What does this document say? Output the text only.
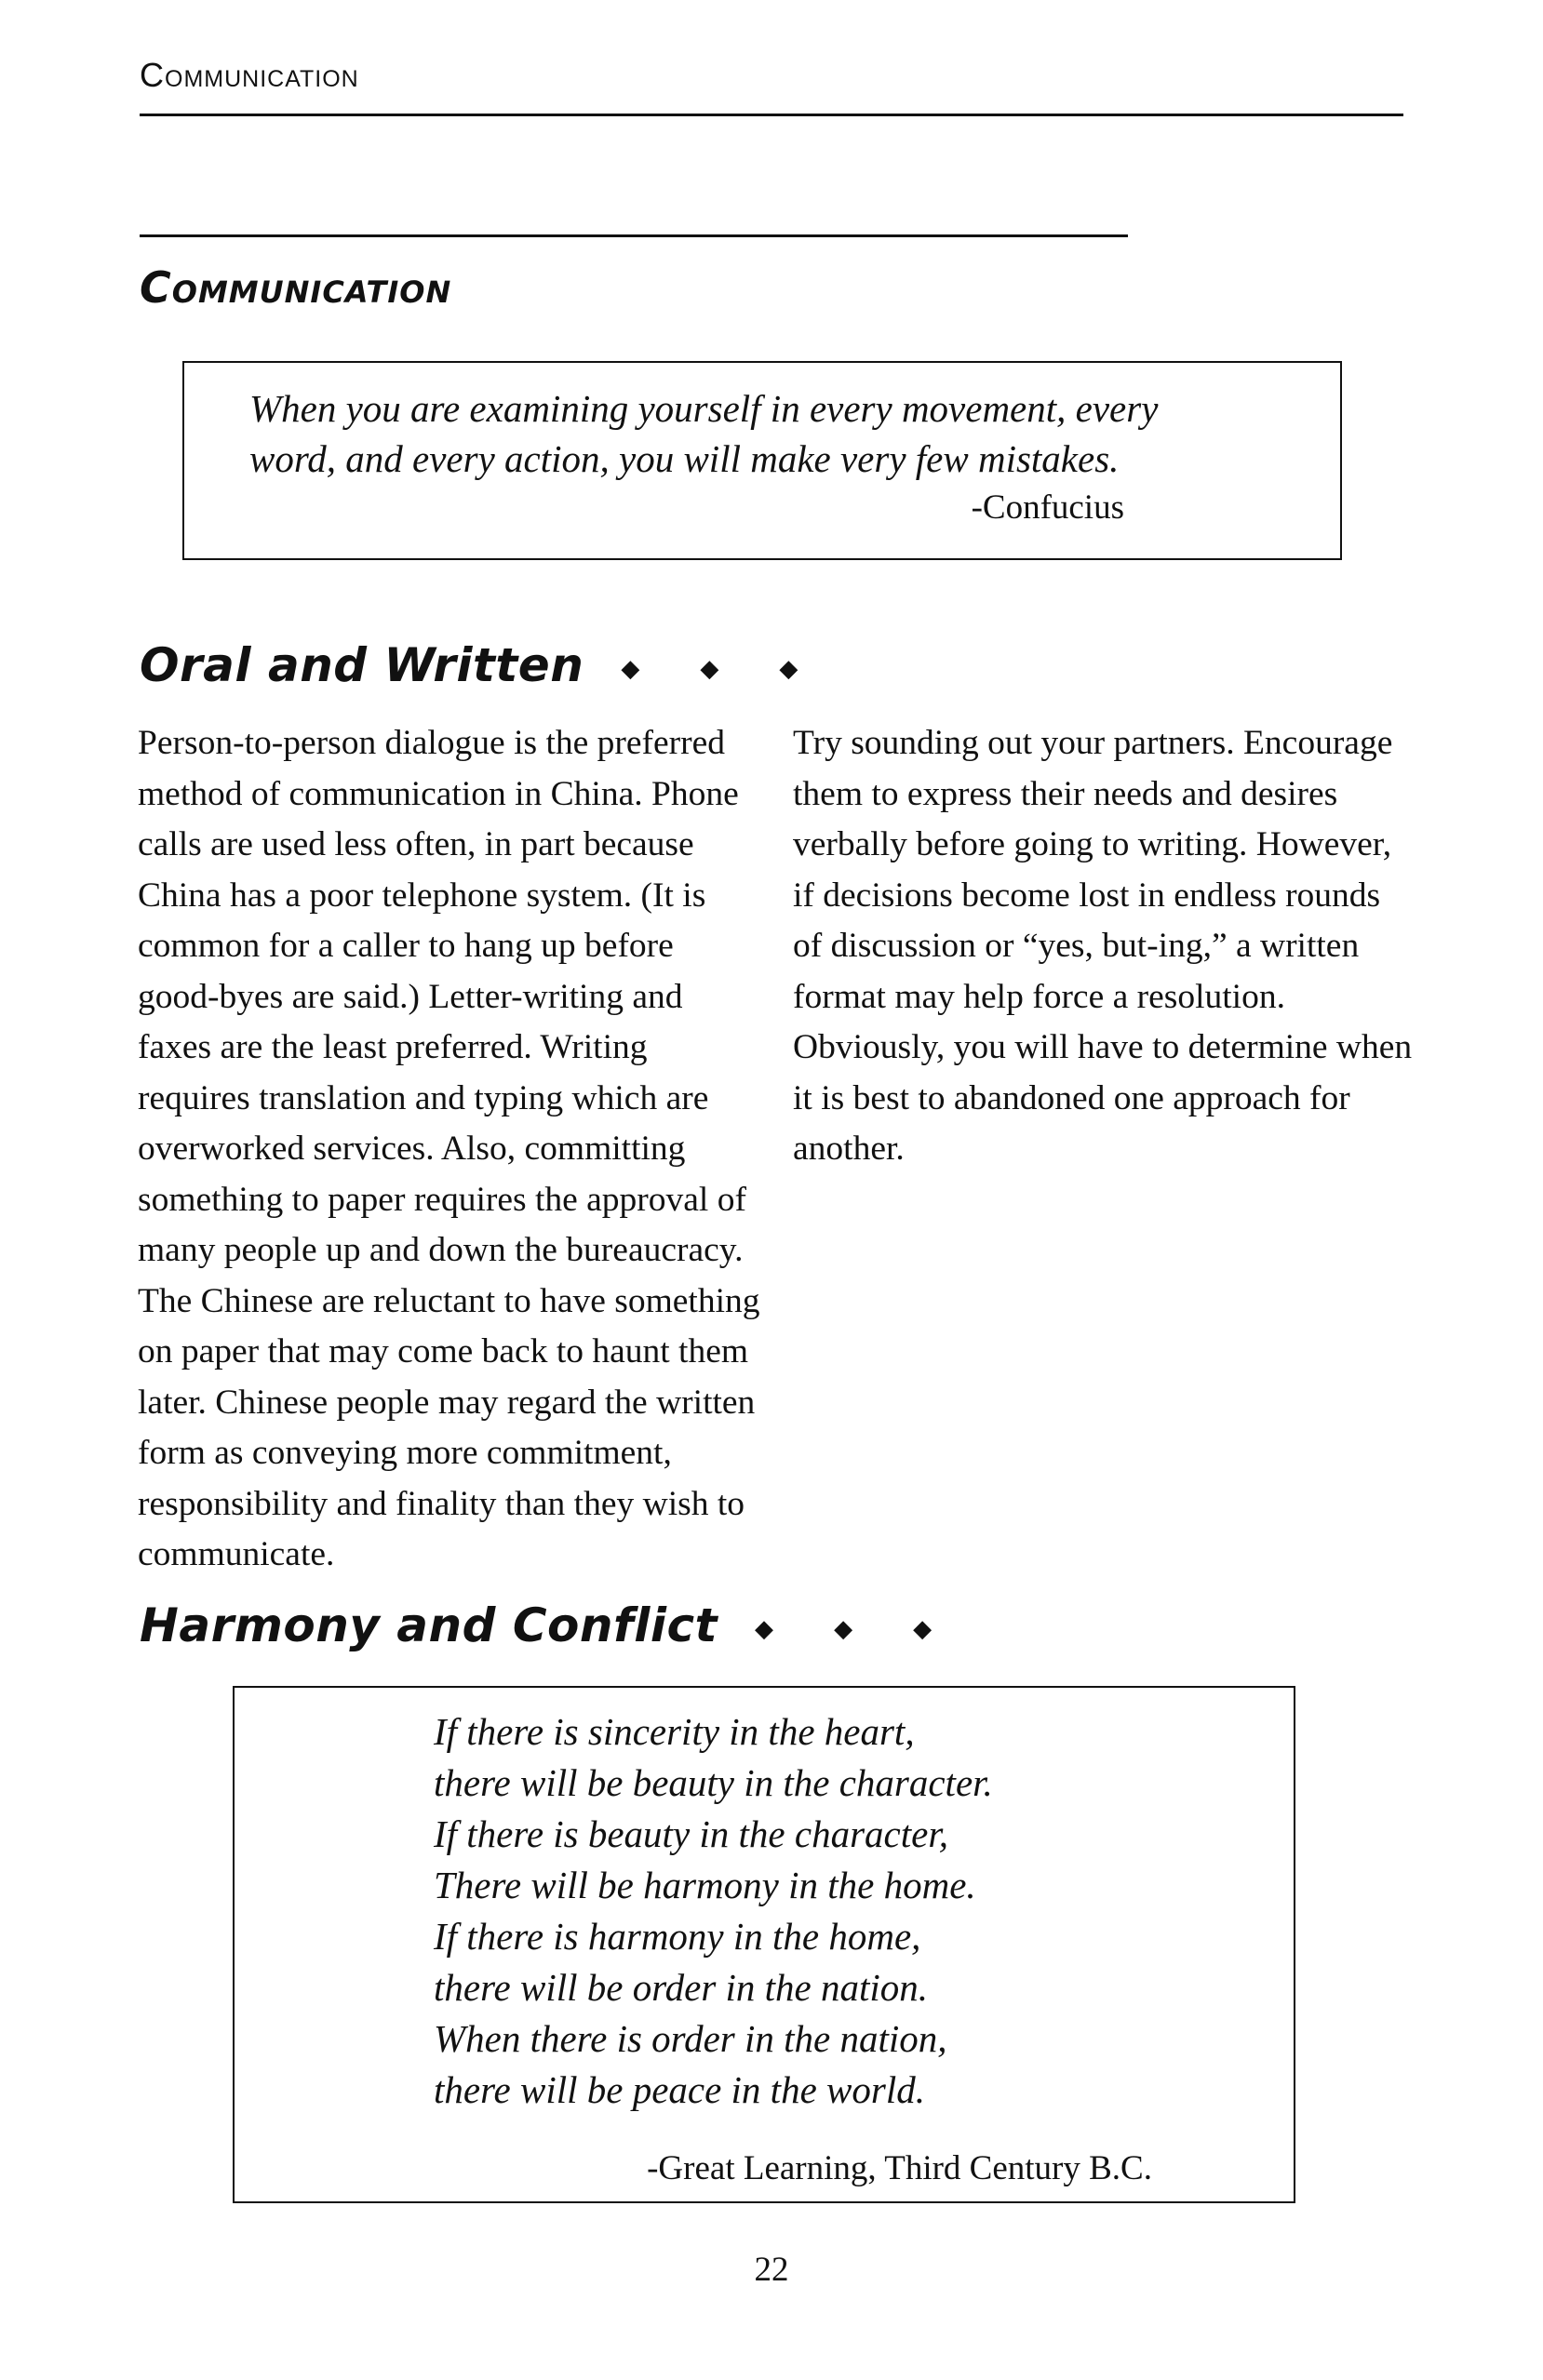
Communication
Communication

When you are examining yourself in every movement, every

word, and every action, you will make very few mistakes.

-Confucius
Oral and Written ◆ ◆ ◆

Person-to-person dialogue is the preferred method of communication in China. Phone calls are used less often, in part because China has a poor telephone system. (It is common for a caller to hang up before good-byes are said.) Letter-writing and faxes are the least preferred. Writing requires translation and typing which are overworked services. Also, committing something to paper requires the approval of many people up and down the bureaucracy. The Chinese are reluctant to have something on paper that may come back to haunt them later. Chinese people may regard the written form as conveying more commitment, responsibility and finality than they wish to communicate.

Try sounding out your partners. Encourage them to express their needs and desires verbally before going to writing. However, if decisions become lost in endless rounds of discussion or “yes, but-ing,” a written format may help force a resolution. Obviously, you will have to determine when it is best to abandoned one approach for another.

Harmony and Conflict ◆ ◆ ◆
If there is sincerity in the heart,
there will be beauty in the character.
If there is beauty in the character,
There will be harmony in the home.
If there is harmony in the home,
there will be order in the nation.
When there is order in the nation,
there will be peace in the world.
-Great Learning, Third Century B.C.
22
